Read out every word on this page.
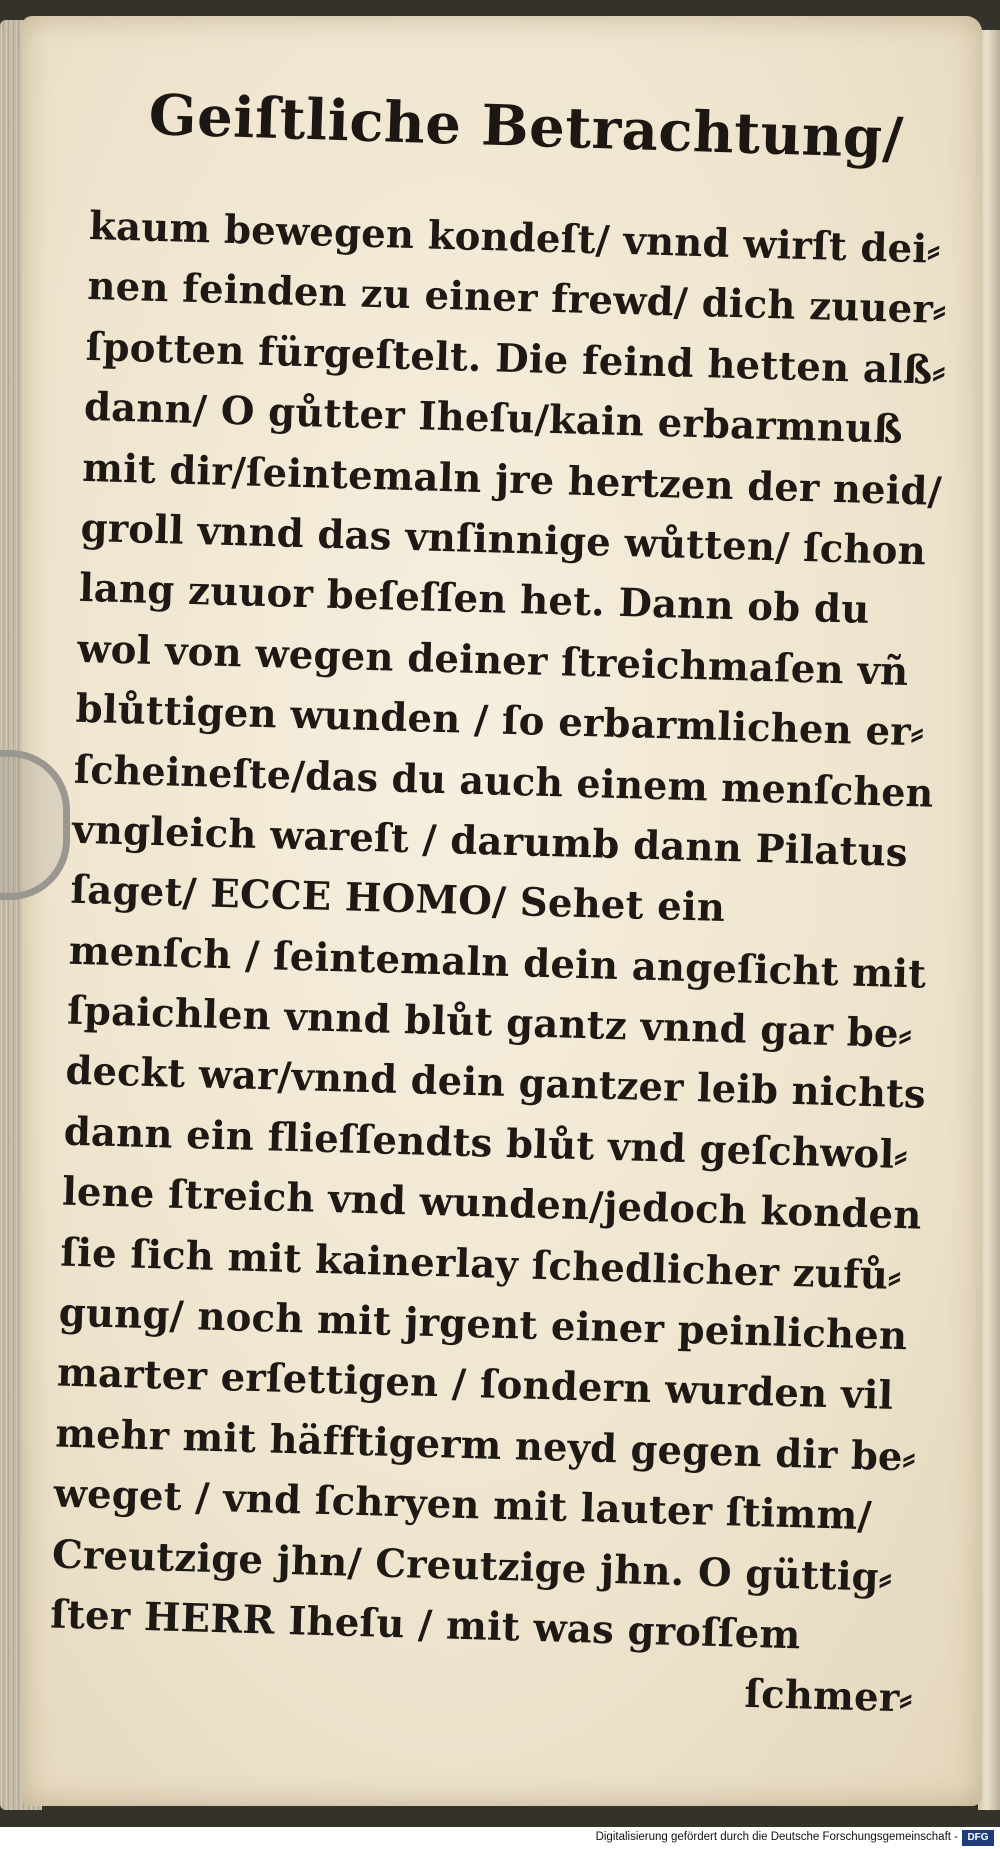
Geiſtliche Betrachtung/
kaum bewegen kondeſt/ vnnd wirſt dei⸗
nen feinden zu einer frewd/ dich zuuer⸗
ſpotten fürgeſtelt. Die feind hetten alß⸗
dann/ O gůtter Iheſu/kain erbarmnuß
mit dir/ſeintemaln jre hertzen der neid/
groll vnnd das vnſinnige wůtten/ ſchon
lang zuuor beſeſſen het. Dann ob du
wol von wegen deiner ſtreichmaſen vñ
blůttigen wunden / ſo erbarmlichen er⸗
ſcheineſte/das du auch einem menſchen
vngleich wareſt / darumb dann Pilatus
ſaget/ ECCE HOMO/ Sehet ein
menſch / ſeintemaln dein angeſicht mit
ſpaichlen vnnd blůt gantz vnnd gar be⸗
deckt war/vnnd dein gantzer leib nichts
dann ein flieſſendts blůt vnd geſchwol⸗
lene ſtreich vnd wunden/jedoch konden
ſie ſich mit kainerlay ſchedlicher zufů⸗
gung/ noch mit jrgent einer peinlichen
marter erſettigen / ſondern wurden vil
mehr mit häfftigerm neyd gegen dir be⸗
weget / vnd ſchryen mit lauter ſtimm/
Creutzige jhn/ Creutzige jhn. O güttig⸗
ſter HERR Iheſu / mit was groſſem
ſchmer⸗
Digitalisierung gefördert durch die Deutsche Forschungsgemeinschaft - DFG
